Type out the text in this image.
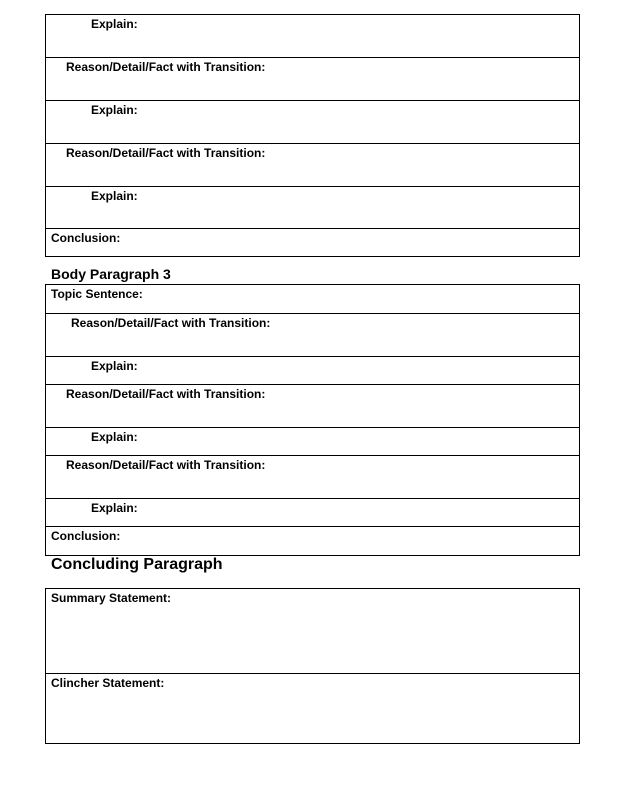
Explain:
Reason/Detail/Fact with Transition:
Explain:
Reason/Detail/Fact with Transition:
Explain:
Conclusion:
Body Paragraph 3
Topic Sentence:
Reason/Detail/Fact with Transition:
Explain:
Reason/Detail/Fact with Transition:
Explain:
Reason/Detail/Fact with Transition:
Explain:
Conclusion:
Concluding Paragraph
Summary Statement:
Clincher Statement:
